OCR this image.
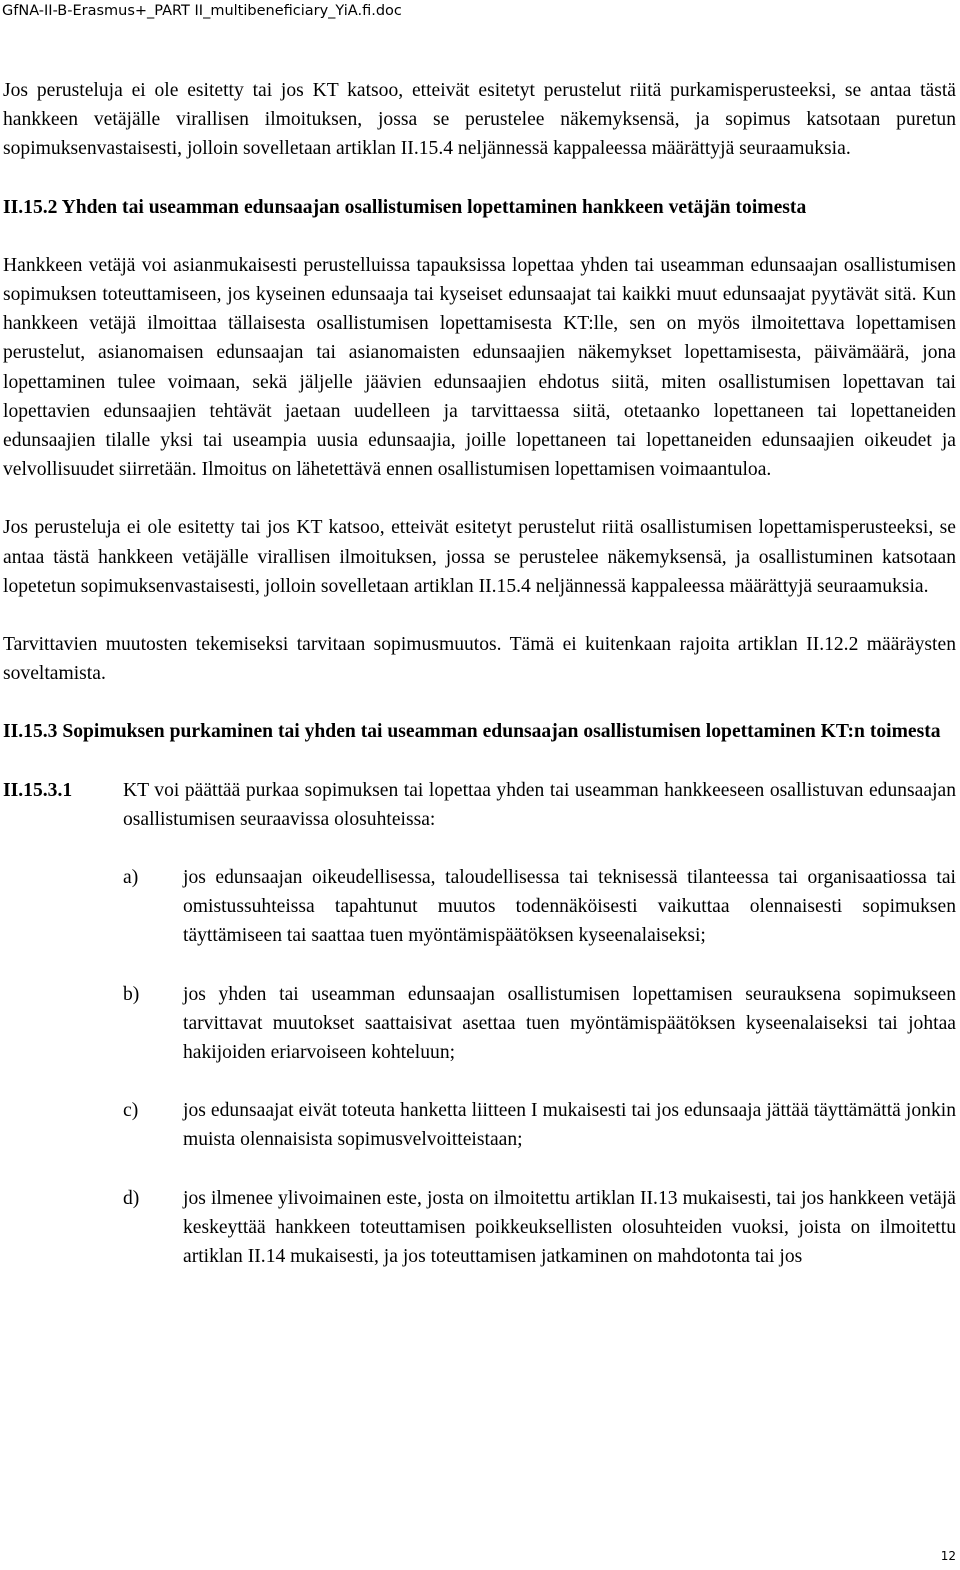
GfNA-II-B-Erasmus+_PART II_multibeneficiary_YiA.fi.doc

Jos perusteluja ei ole esitetty tai jos KT katsoo, etteivät esitetyt perustelut riitä purkamisperusteeksi, se antaa tästä hankkeen vetäjälle virallisen ilmoituksen, jossa se perustelee näkemyksensä, ja sopimus katsotaan puretun sopimuksenvastaisesti, jolloin sovelletaan artiklan II.15.4 neljännessä kappaleessa määrättyjä seuraamuksia.

II.15.2 Yhden tai useamman edunsaajan osallistumisen lopettaminen hankkeen vetäjän toimesta

Hankkeen vetäjä voi asianmukaisesti perustelluissa tapauksissa lopettaa yhden tai useamman edunsaajan osallistumisen sopimuksen toteuttamiseen, jos kyseinen edunsaaja tai kyseiset edunsaajat tai kaikki muut edunsaajat pyytävät sitä. Kun hankkeen vetäjä ilmoittaa tällaisesta osallistumisen lopettamisesta KT:lle, sen on myös ilmoitettava lopettamisen perustelut, asianomaisen edunsaajan tai asianomaisten edunsaajien näkemykset lopettamisesta, päivämäärä, jona lopettaminen tulee voimaan, sekä jäljelle jäävien edunsaajien ehdotus siitä, miten osallistumisen lopettavan tai lopettavien edunsaajien tehtävät jaetaan uudelleen ja tarvittaessa siitä, otetaanko lopettaneen tai lopettaneiden edunsaajien tilalle yksi tai useampia uusia edunsaajia, joille lopettaneen tai lopettaneiden edunsaajien oikeudet ja velvollisuudet siirretään. Ilmoitus on lähetettävä ennen osallistumisen lopettamisen voimaantuloa.

Jos perusteluja ei ole esitetty tai jos KT katsoo, etteivät esitetyt perustelut riitä osallistumisen lopettamisperusteeksi, se antaa tästä hankkeen vetäjälle virallisen ilmoituksen, jossa se perustelee näkemyksensä, ja osallistuminen katsotaan lopetetun sopimuksenvastaisesti, jolloin sovelletaan artiklan II.15.4 neljännessä kappaleessa määrättyjä seuraamuksia.

Tarvittavien muutosten tekemiseksi tarvitaan sopimusmuutos. Tämä ei kuitenkaan rajoita artiklan II.12.2 määräysten soveltamista.

II.15.3 Sopimuksen purkaminen tai yhden tai useamman edunsaajan osallistumisen lopettaminen KT:n toimesta

II.15.3.1	KT voi päättää purkaa sopimuksen tai lopettaa yhden tai useamman hankkeeseen osallistuvan edunsaajan osallistumisen seuraavissa olosuhteissa:
a)	jos edunsaajan oikeudellisessa, taloudellisessa tai teknisessä tilanteessa tai organisaatiossa tai omistussuhteissa tapahtunut muutos todennäköisesti vaikuttaa olennaisesti sopimuksen täyttämiseen tai saattaa tuen myöntämispäätöksen kyseenalaiseksi;
b)	jos yhden tai useamman edunsaajan osallistumisen lopettamisen seurauksena sopimukseen tarvittavat muutokset saattaisivat asettaa tuen myöntämispäätöksen kyseenalaiseksi tai johtaa hakijoiden eriarvoiseen kohteluun;
c)	jos edunsaajat eivät toteuta hanketta liitteen I mukaisesti tai jos edunsaaja jättää täyttämättä jonkin muista olennaisista sopimusvelvoitteistaan;
d)	jos ilmenee ylivoimainen este, josta on ilmoitettu artiklan II.13 mukaisesti, tai jos hankkeen vetäjä keskeyttää hankkeen toteuttamisen poikkeuksellisten olosuhteiden vuoksi, joista on ilmoitettu artiklan II.14 mukaisesti, ja jos toteuttamisen jatkaminen on mahdotonta tai jos
12
